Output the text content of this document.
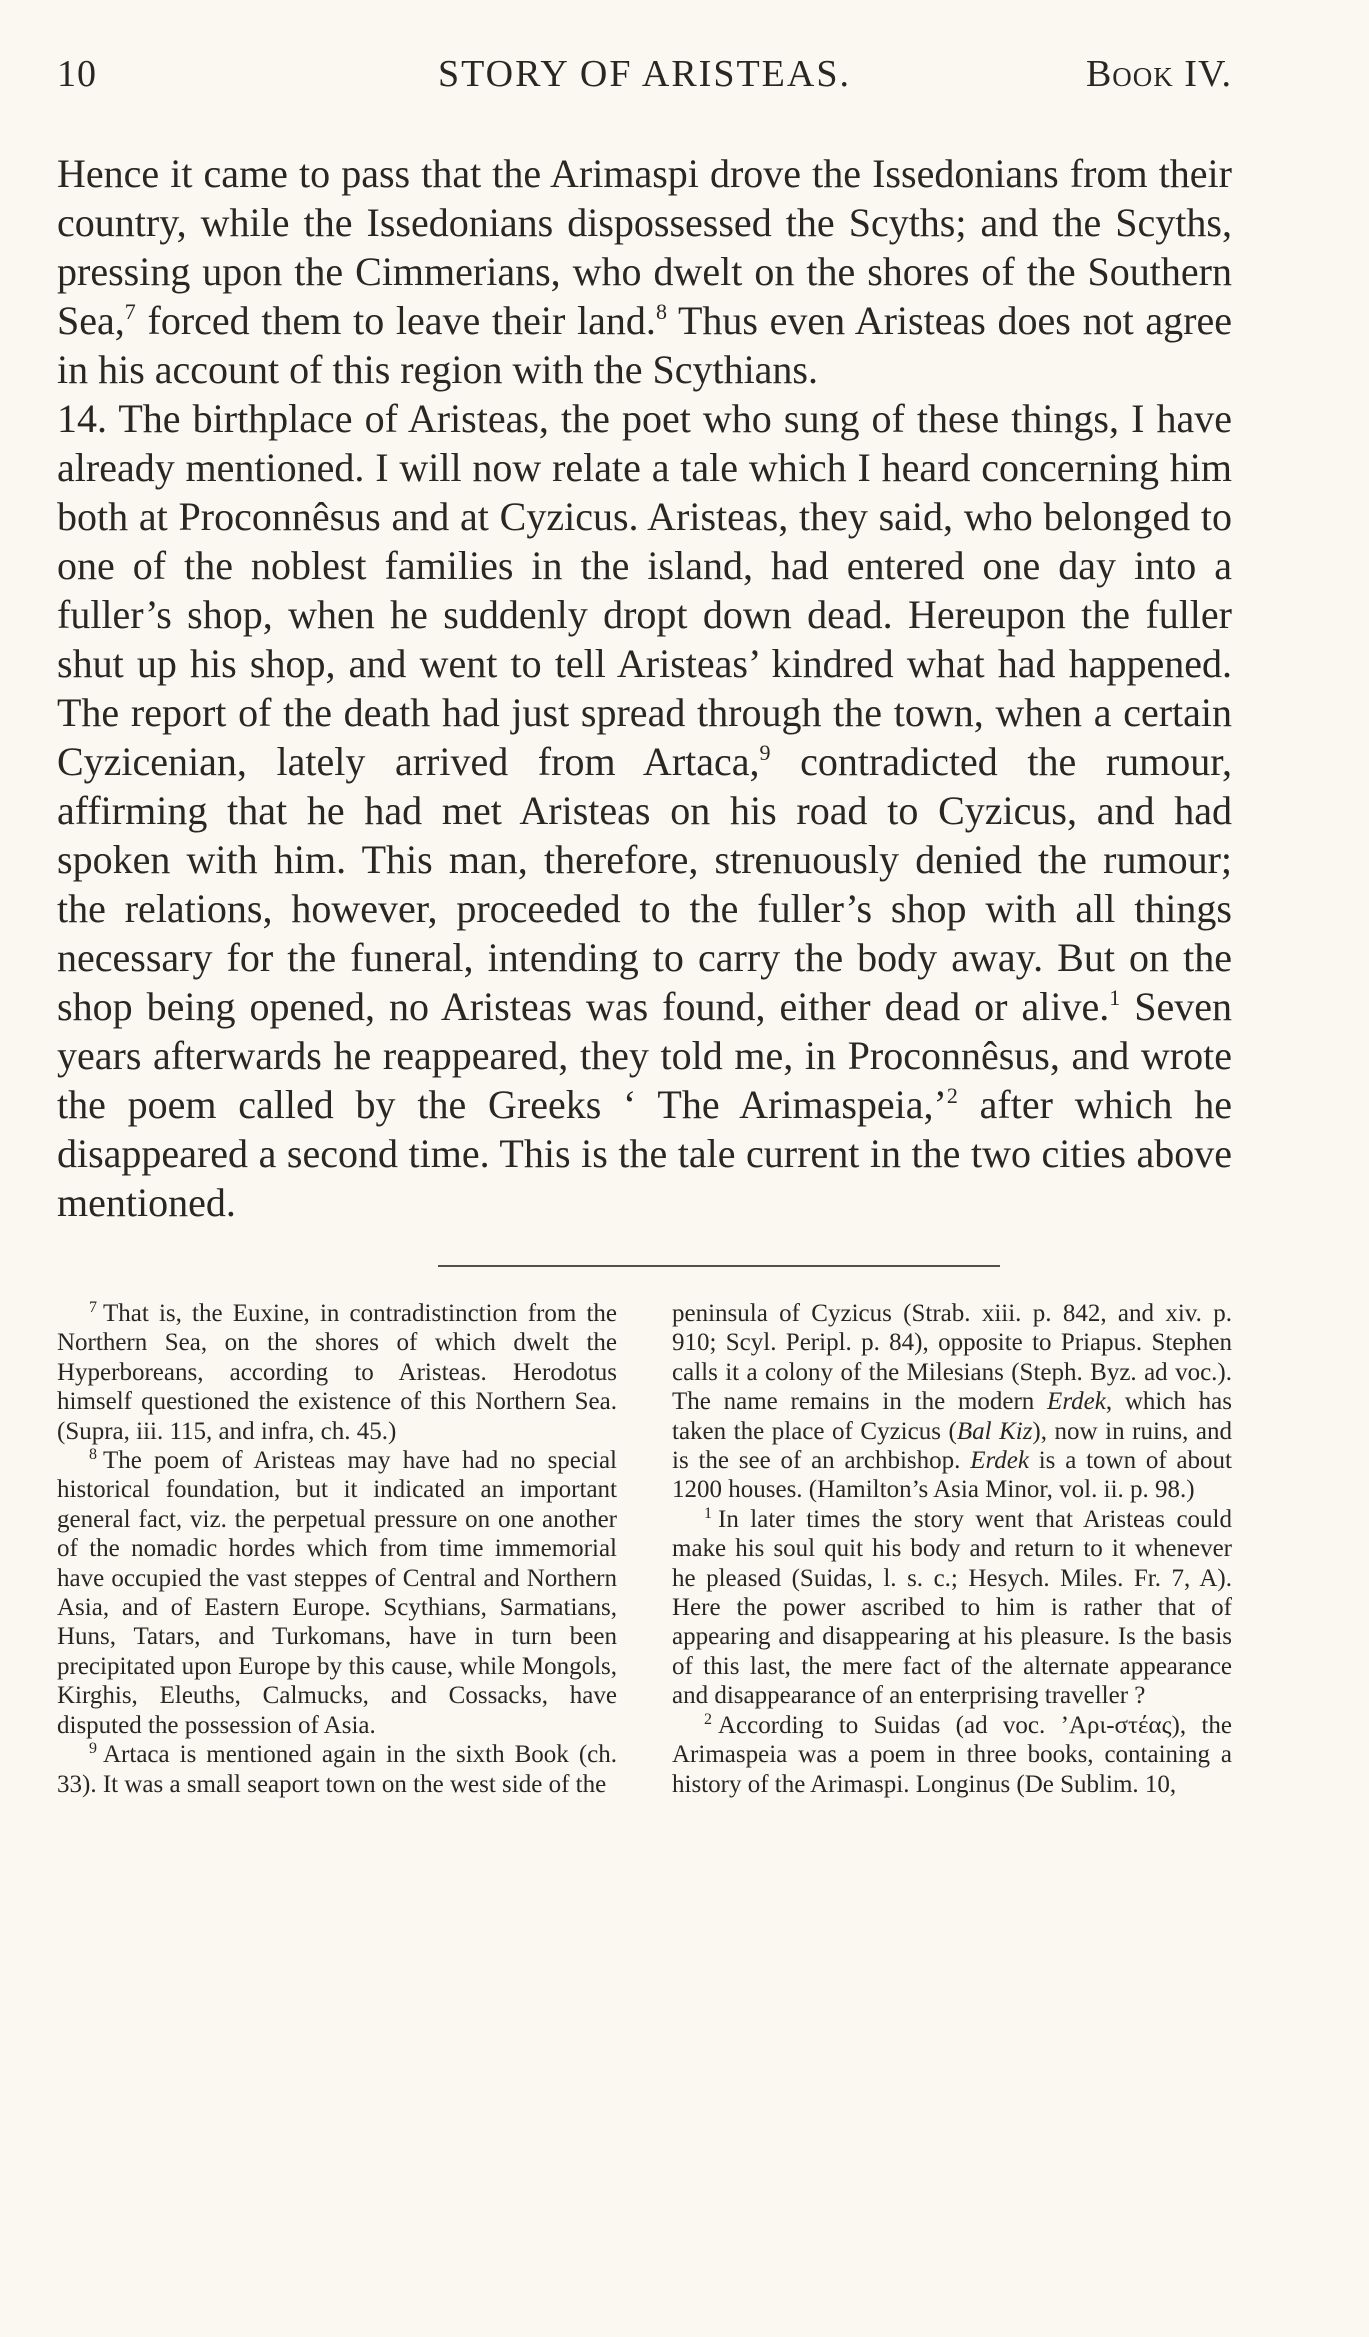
10	STORY OF ARISTEAS.	Book IV.

Hence it came to pass that the Arimaspi drove the Issedonians from their country, while the Issedonians dispossessed the Scyths; and the Scyths, pressing upon the Cimmerians, who dwelt on the shores of the Southern Sea,$^7$ forced them to leave their land.$^8$ Thus even Aristeas does not agree in his account of this region with the Scythians.

14. The birthplace of Aristeas, the poet who sung of these things, I have already mentioned. I will now relate a tale which I heard concerning him both at Proconnêsus and at Cyzicus. Aristeas, they said, who belonged to one of the noblest families in the island, had entered one day into a fuller’s shop, when he suddenly dropt down dead. Hereupon the fuller shut up his shop, and went to tell Aristeas’ kindred what had happened. The report of the death had just spread through the town, when a certain Cyzicenian, lately arrived from Artaca,$^9$ contradicted the rumour, affirming that he had met Aristeas on his road to Cyzicus, and had spoken with him. This man, therefore, strenuously denied the rumour; the relations, however, proceeded to the fuller’s shop with all things necessary for the funeral, intending to carry the body away. But on the shop being opened, no Aristeas was found, either dead or alive.$^1$ Seven years afterwards he reappeared, they told me, in Proconnêsus, and wrote the poem called by the Greeks ‘ The Arimaspeia,’$^2$ after which he disappeared a second time. This is the tale current in the two cities above mentioned.

$^7$ That is, the Euxine, in contradistinction from the Northern Sea, on the shores of which dwelt the Hyperboreans, according to Aristeas. Herodotus himself questioned the existence of this Northern Sea. (Supra, iii. 115, and infra, ch. 45.)

$^8$ The poem of Aristeas may have had no special historical foundation, but it indicated an important general fact, viz. the perpetual pressure on one another of the nomadic hordes which from time immemorial have occupied the vast steppes of Central and Northern Asia, and of Eastern Europe. Scythians, Sarmatians, Huns, Tatars, and Turkomans, have in turn been precipitated upon Europe by this cause, while Mongols, Kirghis, Eleuths, Calmucks, and Cossacks, have disputed the possession of Asia.

$^9$ Artaca is mentioned again in the sixth Book (ch. 33). It was a small seaport town on the west side of the

peninsula of Cyzicus (Strab. xiii. p. 842, and xiv. p. 910; Scyl. Peripl. p. 84), opposite to Priapus. Stephen calls it a colony of the Milesians (Steph. Byz. ad voc.). The name remains in the modern Erdek, which has taken the place of Cyzicus (Bal Kiz), now in ruins, and is the see of an archbishop. Erdek is a town of about 1200 houses. (Hamilton’s Asia Minor, vol. ii. p. 98.)

$^1$ In later times the story went that Aristeas could make his soul quit his body and return to it whenever he pleased (Suidas, l. s. c.; Hesych. Miles. Fr. 7, A). Here the power ascribed to him is rather that of appearing and disappearing at his pleasure. Is the basis of this last, the mere fact of the alternate appearance and disappearance of an enterprising traveller ?

$^2$ According to Suidas (ad voc. ’Αρι-στέας), the Arimaspeia was a poem in three books, containing a history of the Arimaspi. Longinus (De Sublim. 10,
